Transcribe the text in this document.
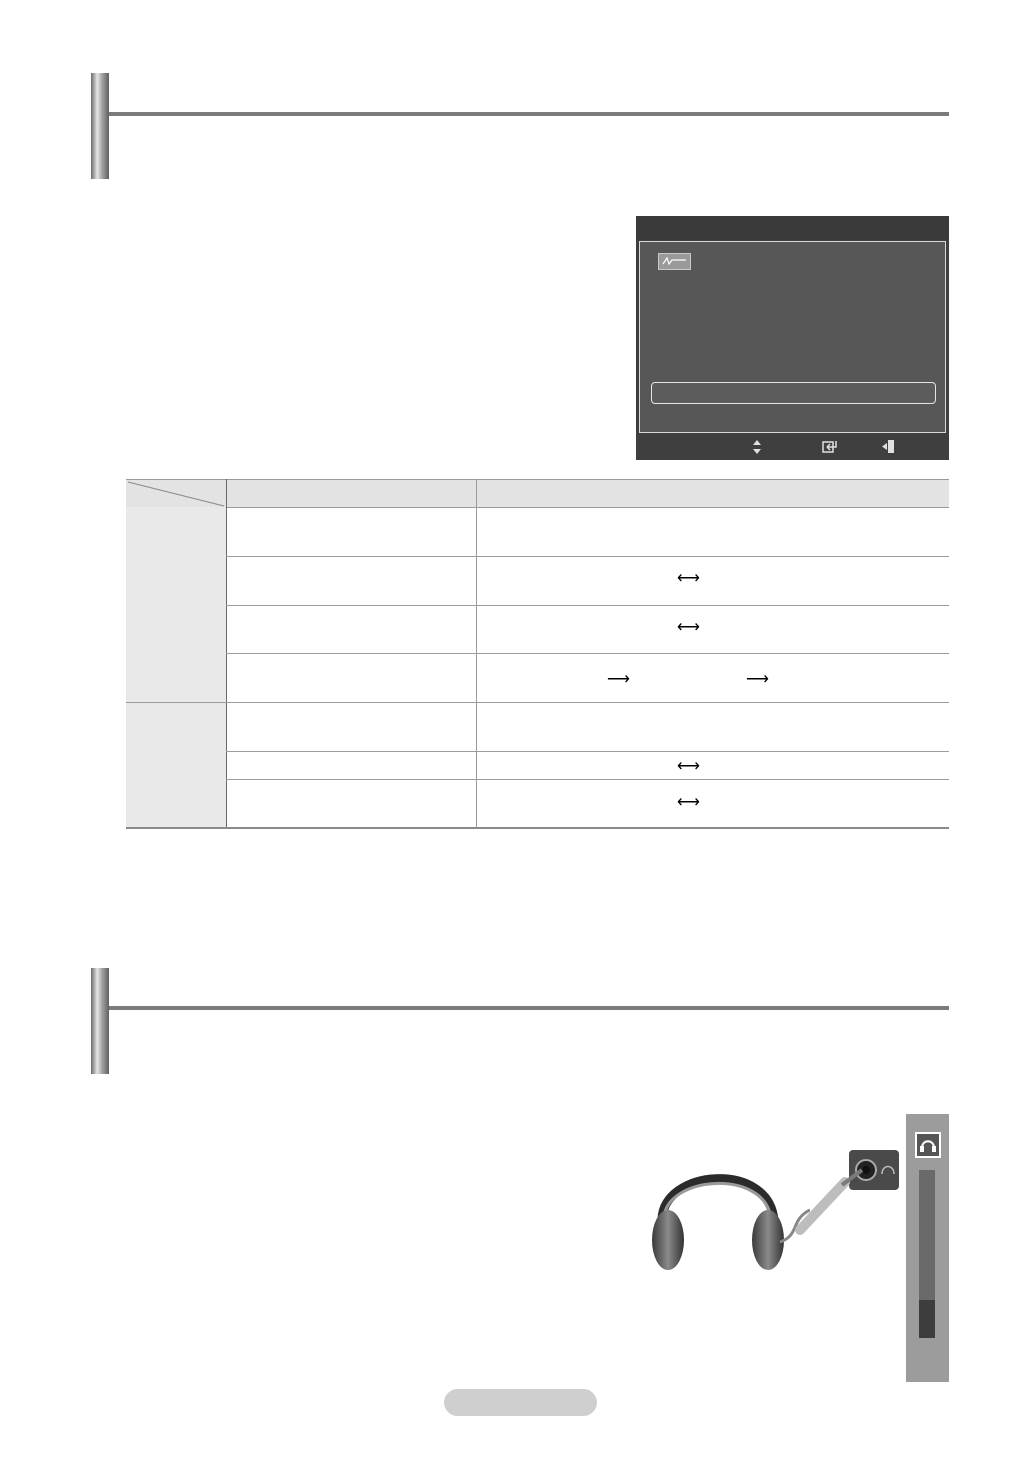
⟷
⟷
⟶	⟶
⟷
⟷
